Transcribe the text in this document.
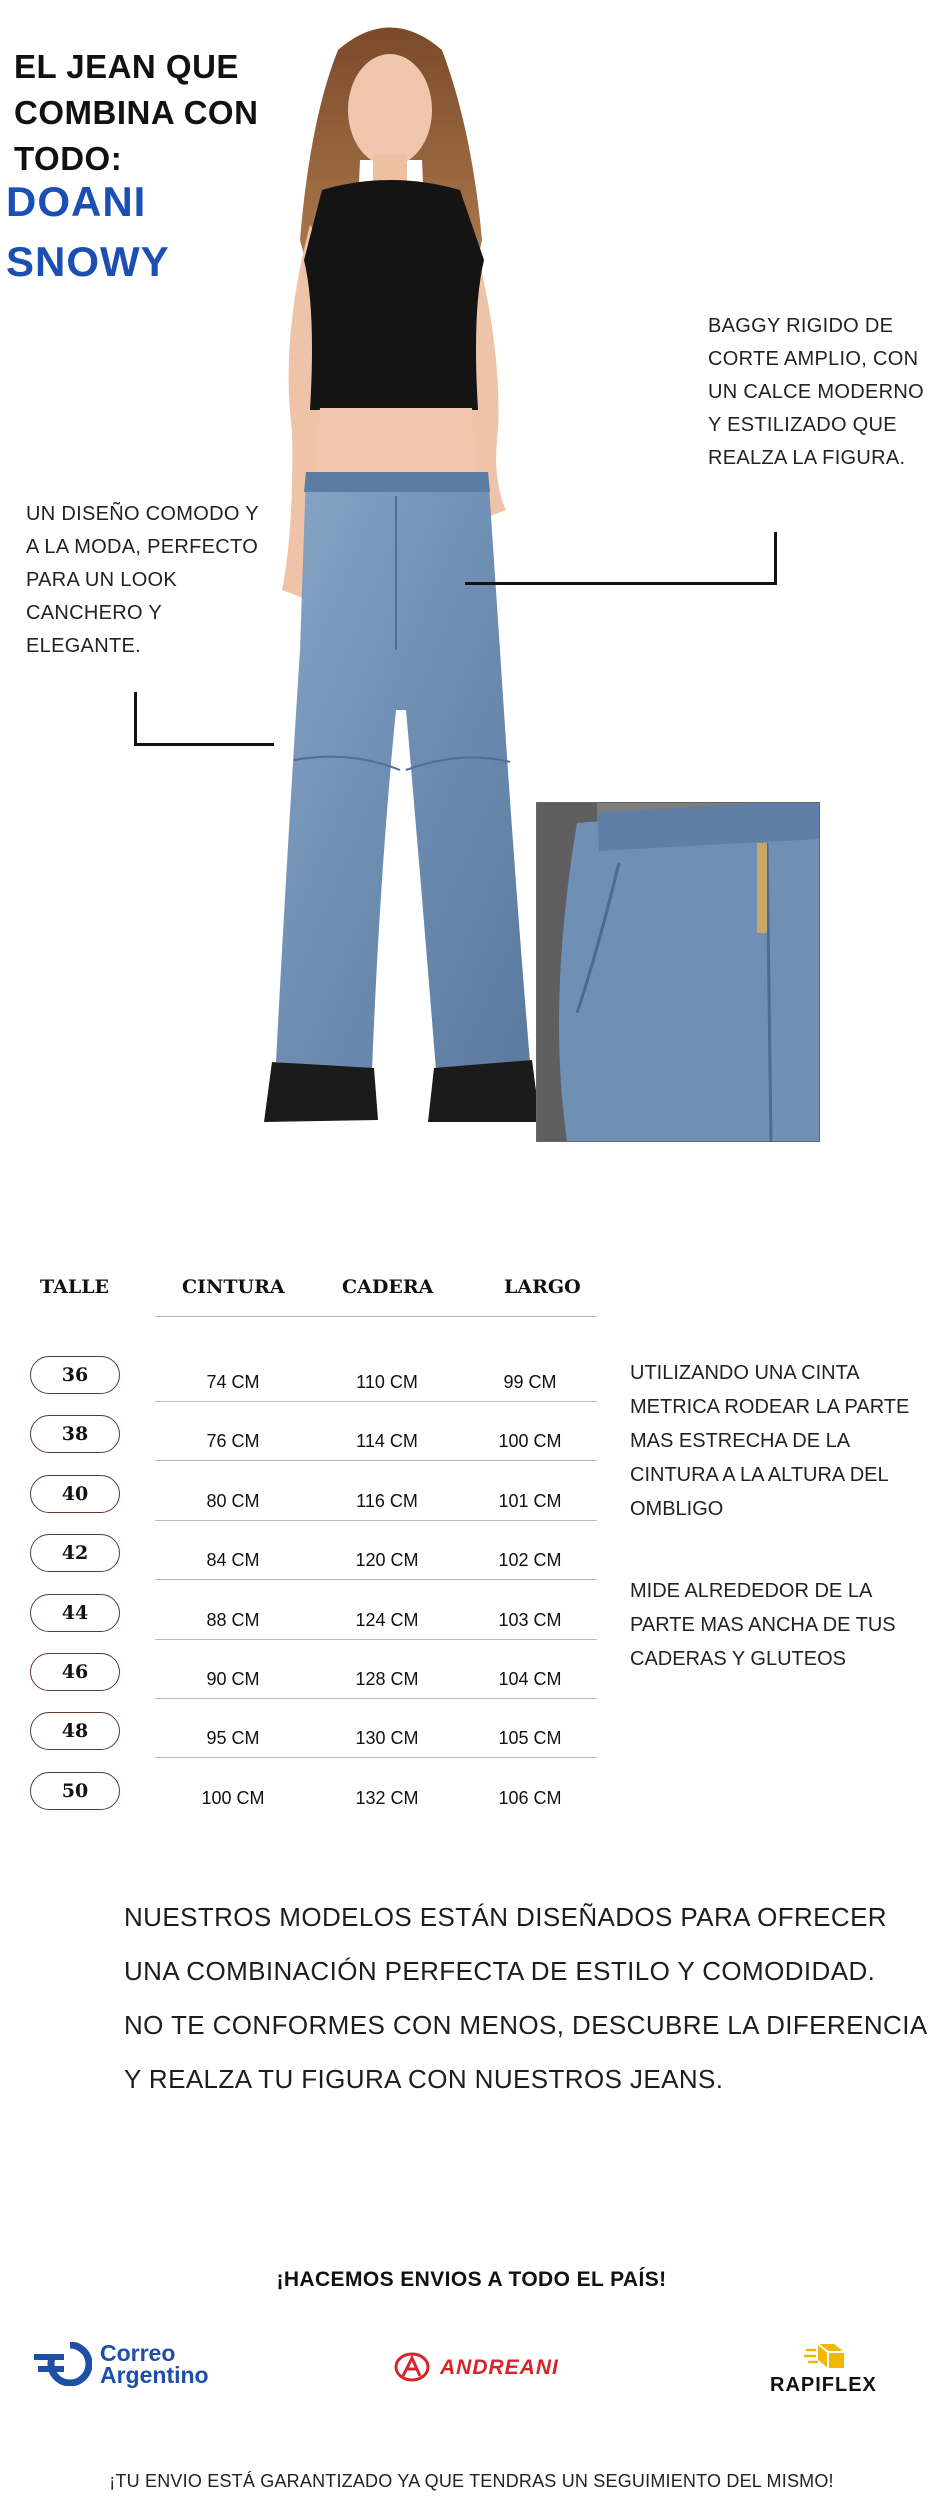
EL JEAN QUE
COMBINA CON
TODO:
DOANI
SNOWY
BAGGY RIGIDO DE CORTE AMPLIO, CON UN CALCE MODERNO Y ESTILIZADO QUE REALZA LA FIGURA.
UN DISEÑO COMODO Y A LA MODA, PERFECTO PARA UN LOOK CANCHERO Y ELEGANTE.
TALLE	CINTURA	CADERA	LARGO
36	74 CM	110 CM	99 CM
38	76 CM	114 CM	100 CM
40	80 CM	116 CM	101 CM
42	84 CM	120 CM	102 CM
44	88 CM	124 CM	103 CM
46	90 CM	128 CM	104 CM
48	95 CM	130 CM	105 CM
50	100 CM	132 CM	106 CM
UTILIZANDO UNA CINTA METRICA RODEAR LA PARTE MAS ESTRECHA DE LA CINTURA A LA ALTURA DEL OMBLIGO
MIDE ALREDEDOR DE LA PARTE MAS ANCHA DE TUS CADERAS Y GLUTEOS
NUESTROS MODELOS ESTÁN DISEÑADOS PARA OFRECER
UNA COMBINACIÓN PERFECTA DE ESTILO Y COMODIDAD.
NO TE CONFORMES CON MENOS, DESCUBRE LA DIFERENCIA
Y REALZA TU FIGURA CON NUESTROS JEANS.
¡HACEMOS ENVIOS A TODO EL PAÍS!
Correo
Argentino	ANDREANI
RAPIFLEX
¡TU ENVIO ESTÁ GARANTIZADO YA QUE TENDRAS UN SEGUIMIENTO DEL MISMO!
